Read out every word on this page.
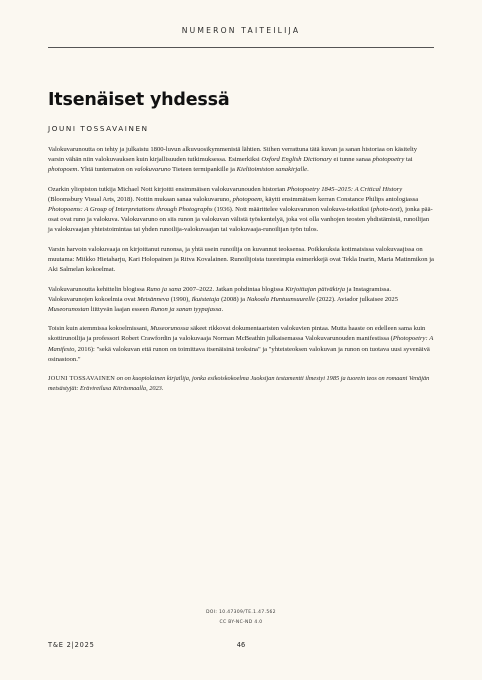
NUMERON TAITEILIJA
Itsenäiset yhdessä
JOUNI TOSSAVAINEN

Valokuvarunoutta on tehty ja julkaistu 1800-luvun alkuvuosikymmenistä lähtien. Siihen verrattuna tätä kuvan ja sanan historiaa on käsitelty varsin vähän niin valokuvauksen kuin kirjallisuuden tutkimuksessa. Esimerkiksi Oxford English Dictionary ei tunne sanaa photopoetry tai photopoem. Yhtä tuntematon on valokuvaruno Tieteen termipankille ja Kielitoimiston sanakirjalle.

Ozarkin yliopiston tutkija Michael Nott kirjoitti ensimmäisen valokuvarunouden historian Photopoetry 1845–2015: A Critical History (Bloomsbury Visual Arts, 2018). Nottin mukaan sanaa valokuvaruno, photopoem, käytti ensimmäisen kerran Constance Philips antologiassa Photopoems: A Group of Interpretations through Photographs (1936). Nott määrittelee valokuvarunon valokuva-tekstiksi (photo-text), jonka pääosat ovat runo ja valokuva. Valokuvaruno on siis runon ja valokuvan välistä työskentelyä, joka voi olla vanhojen teosten yhdistämistä, runoilijan ja valokuvaajan yhteistoimintaa tai yhden runoilija-valokuvaajan tai valokuvaaja-runoilijan työn tulos.

Varsin harvoin valokuvaaja on kirjoittanut runonsa, ja yhtä usein runoilija on kuvannut teoksensa. Poikkeuksia kotimaisissa valokuvaajissa on muutama: Miikko Hietaharju, Kari Holopainen ja Ritva Kovalainen. Runoilijoista tuoreimpia esimerkkejä ovat Tekla Inarin, Maria Matinmikon ja Aki Salmelan kokoelmat.

Valokuvarunoutta kehittelin blogissa Runo ja sana 2007–2022. Jatkan pohdintaa blogissa Kirjoittajan päiväkirja ja Instagramissa. Valokuvarunojen kokoelmia ovat Metsänneva (1990), Ikuistetaja (2008) ja Nakoala Huntuunsuurelle (2022). Aviador julkaisee 2025 Museorunostan liittyvän laajan esseen Runon ja sanan tyypajassa.

Toisin kuin aiemmissa kokoelmissani, Museorunossa säkeet rikkovat dokumentaaristen valokuvien pintaa. Mutta haaste on edelleen sama kuin skottirunoilija ja professori Robert Crawfordin ja valokuvaaja Norman McBeathin julkaisemassa Valokuvarunouden manifestissa (Photopoetry: A Manifesto, 2016): "sekä valokuvan että runon on toimittava itsenäisinä teoksina" ja "yhteisteoksen valokuvan ja runon on tuotava uusi syvenäivä osinastoon."

JOUNI TOSSAVAINEN on on kuopiolainen kirjailija, jonka esikoiskokoelma Juoksijan testamentti ilmestyi 1985 ja tuorein teos on romaani Venäjän metsästyjät: Erävireilusa Kiiräsmaalla, 2023.

DOI: 10.47309/TE.1.47.562
CC BY-NC-ND 4.0
T&E 2|2025	46
